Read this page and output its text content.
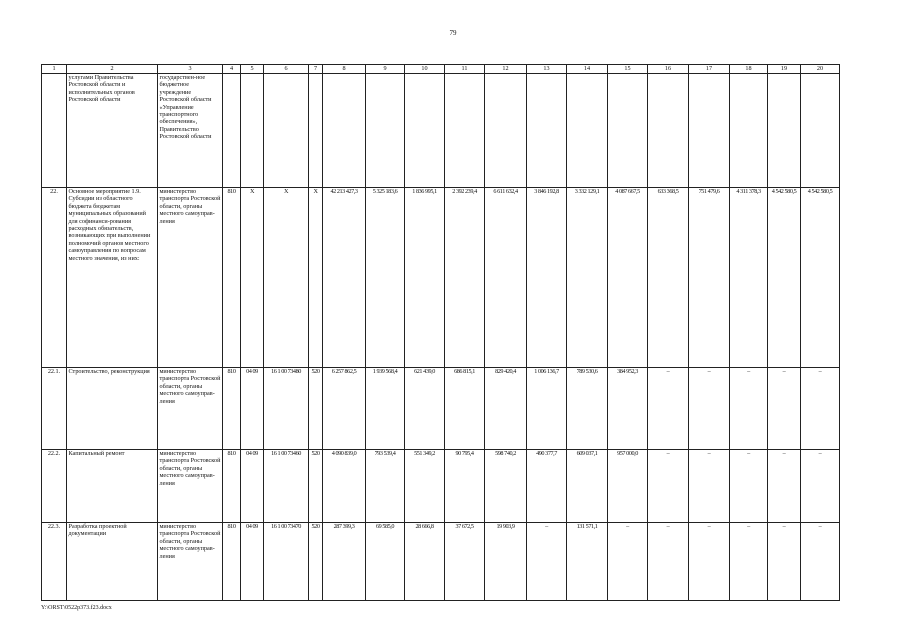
79
1	2	3	4	5	6	7	8	9	10	11	12	13	14	15	16	17	18	19	20
	услугами Правительства Ростовской области и исполнительных органов Ростовской области	государствен-ное бюджетное учреждение Ростовской области «Управление транспортного обеспечения», Правительство Ростовской области																	
22.	Основное мероприятие 1.9. Субсидии из областного бюджета бюджетам муниципальных образований для софинанси-рования расходных обязательств, возникающих при выполнении полномочий органов местного самоуправления по вопросам местного значения, из них:	министерство транспорта Ростовской области, органы местного самоуправ-ления	810	Х	Х	Х	42 213 427,3	5 325 183,6	1 836 995,1	2 392 239,4	6 611 632,4	3 846 192,8	3 332 129,1	4 087 667,5	633 368,5	751 479,6	4 311 378,3	4 542 580,5	4 542 580,5
22.1.	Строительство, реконструкция	министерство транспорта Ростовской области, органы местного самоуправ-ления	810	04 09	16 1 00 73480	520	6 257 862,5	1 939 568,4	621 439,0	686 815,1	829 420,4	1 006 136,7	789 530,6	384 952,3	–	–	–	–	–
22.2.	Капитальный ремонт	министерство транспорта Ростовской области, органы местного самоуправ-ления	810	04 09	16 1 00 73460	520	4 090 839,0	793 539,4	551 349,2	90 795,4	598 740,2	490 377,7	609 037,1	957 000,0	–	–	–	–	–
22.3.	Разработка проектной документации	министерство транспорта Ростовской области, органы местного самоуправ-ления	810	04 09	16 1 00 73470	520	287 399,3	69 585,0	28 666,8	37 672,5	19 903,9	–	131 571,1	–	–	–	–	–	–
Y:\ORST\0522p373.f23.docx
